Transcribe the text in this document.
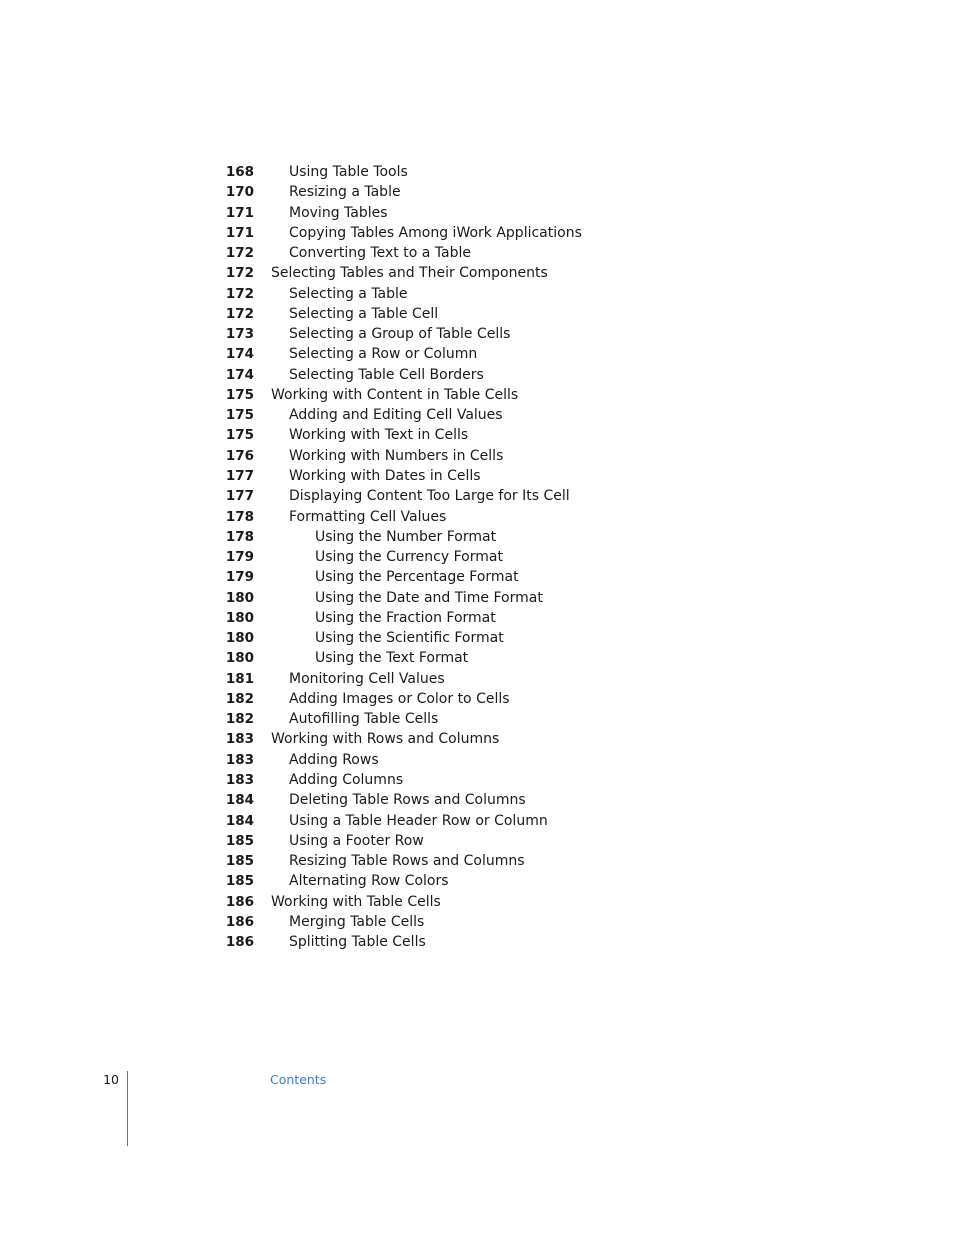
168	Using Table Tools
170	Resizing a Table
171	Moving Tables
171	Copying Tables Among iWork Applications
172	Converting Text to a Table
172 Selecting Tables and Their Components
172	Selecting a Table
172	Selecting a Table Cell
173	Selecting a Group of Table Cells
174	Selecting a Row or Column
174	Selecting Table Cell Borders
175 Working with Content in Table Cells
175	Adding and Editing Cell Values
175	Working with Text in Cells
176	Working with Numbers in Cells
177	Working with Dates in Cells
177	Displaying Content Too Large for Its Cell
178	Formatting Cell Values
178	Using the Number Format
179	Using the Currency Format
179	Using the Percentage Format
180	Using the Date and Time Format
180	Using the Fraction Format
180	Using the Scientific Format
180	Using the Text Format
181	Monitoring Cell Values
182	Adding Images or Color to Cells
182	Autofilling Table Cells
183 Working with Rows and Columns
183	Adding Rows
183	Adding Columns
184	Deleting Table Rows and Columns
184	Using a Table Header Row or Column
185	Using a Footer Row
185	Resizing Table Rows and Columns
185	Alternating Row Colors
186 Working with Table Cells
186	Merging Table Cells
186	Splitting Table Cells
10	Contents
